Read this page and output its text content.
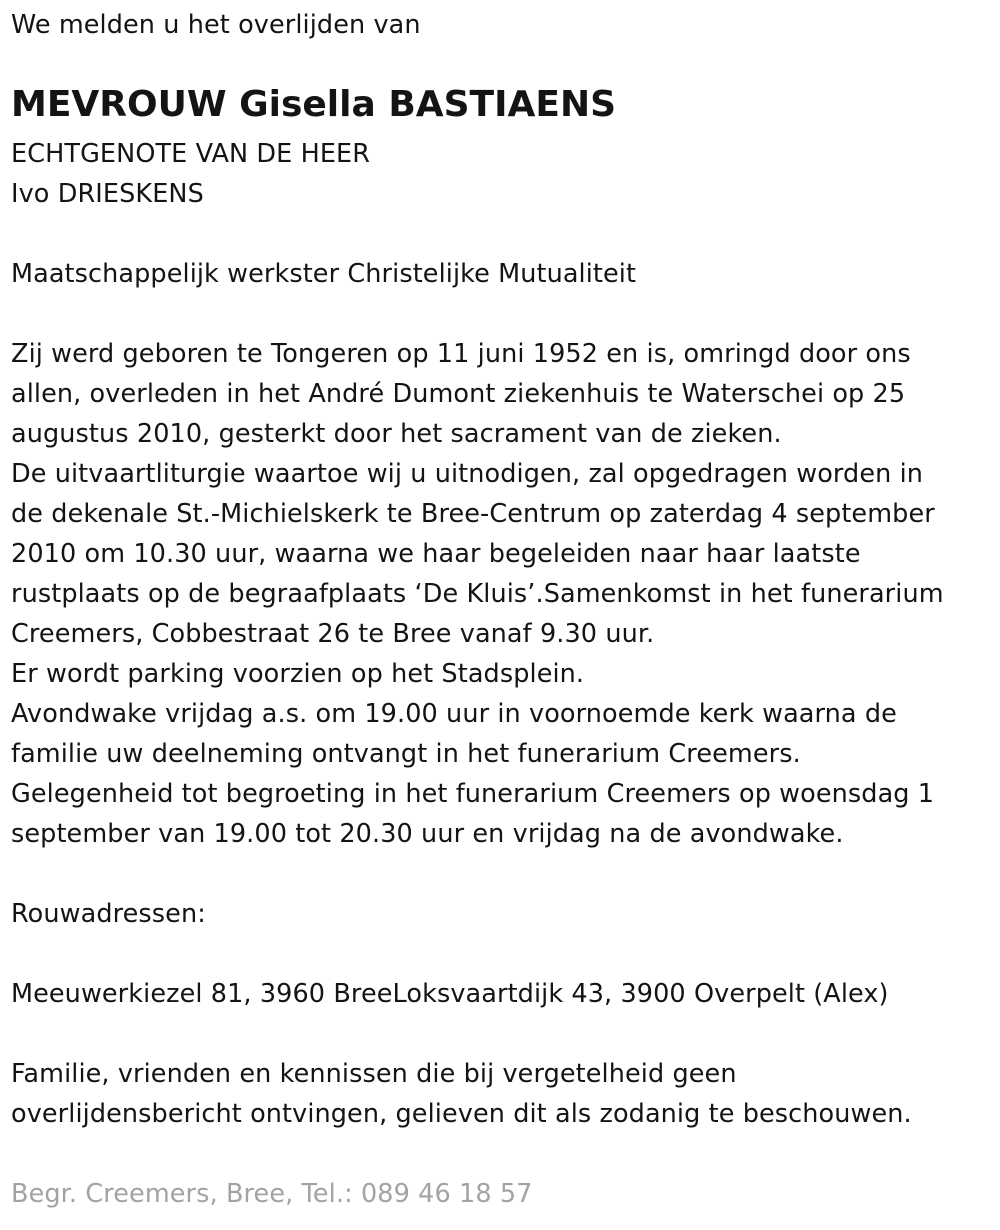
We melden u het overlijden van

MEVROUW Gisella BASTIAENS

ECHTGENOTE VAN DE HEER

Ivo DRIESKENS

Maatschappelijk werkster Christelijke Mutualiteit

Zij werd geboren te Tongeren op 11 juni 1952 en is, omringd door ons

allen, overleden in het André Dumont ziekenhuis te Waterschei op 25

augustus 2010, gesterkt door het sacrament van de zieken.

De uitvaartliturgie waartoe wij u uitnodigen, zal opgedragen worden in

de dekenale St.-Michielskerk te Bree-Centrum op zaterdag 4 september

2010 om 10.30 uur, waarna we haar begeleiden naar haar laatste

rustplaats op de begraafplaats ‘De Kluis’.Samenkomst in het funerarium

Creemers, Cobbestraat 26 te Bree vanaf 9.30 uur.

Er wordt parking voorzien op het Stadsplein.

Avondwake vrijdag a.s. om 19.00 uur in voornoemde kerk waarna de

familie uw deelneming ontvangt in het funerarium Creemers.

Gelegenheid tot begroeting in het funerarium Creemers op woensdag 1

september van 19.00 tot 20.30 uur en vrijdag na de avondwake.

Rouwadressen:

Meeuwerkiezel 81, 3960 BreeLoksvaartdijk 43, 3900 Overpelt (Alex)

Familie, vrienden en kennissen die bij vergetelheid geen

overlijdensbericht ontvingen, gelieven dit als zodanig te beschouwen.

Begr. Creemers, Bree, Tel.: 089 46 18 57
